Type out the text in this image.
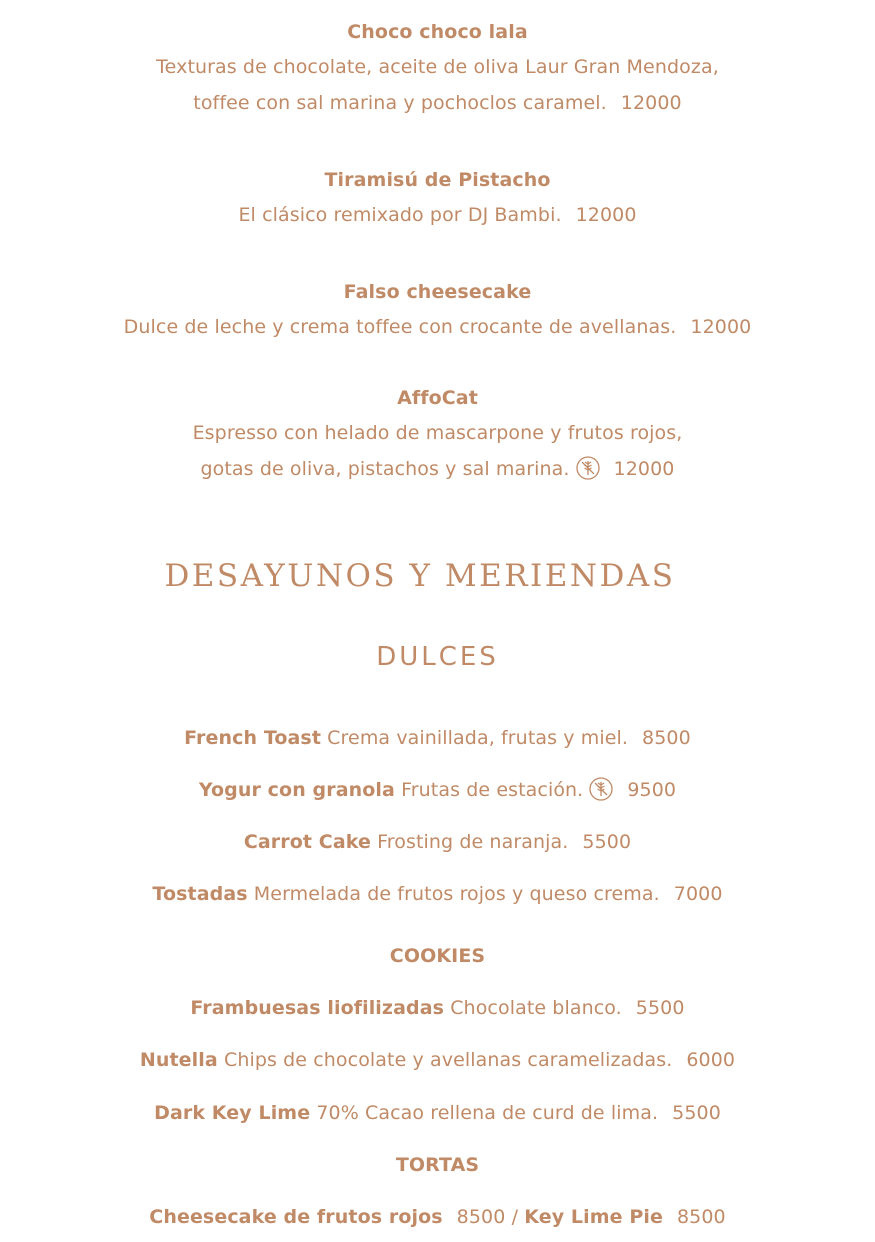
Choco choco lala
Texturas de chocolate, aceite de oliva Laur Gran Mendoza,
toffee con sal marina y pochoclos caramel. 12000
Tiramisú de Pistacho
El clásico remixado por DJ Bambi. 12000
Falso cheesecake
Dulce de leche y crema toffee con crocante de avellanas. 12000
AffoCat
Espresso con helado de mascarpone y frutos rojos,
gotas de oliva, pistachos y sal marina. 12000
DESAYUNOS Y MERIENDAS
DULCES
French Toast Crema vainillada, frutas y miel. 8500
Yogur con granola Frutas de estación. 9500
Carrot Cake Frosting de naranja. 5500
Tostadas Mermelada de frutos rojos y queso crema. 7000
COOKIES
Frambuesas liofilizadas Chocolate blanco. 5500
Nutella Chips de chocolate y avellanas caramelizadas. 6000
Dark Key Lime 70% Cacao rellena de curd de lima. 5500
TORTAS
Cheesecake de frutos rojos 8500 / Key Lime Pie 8500
